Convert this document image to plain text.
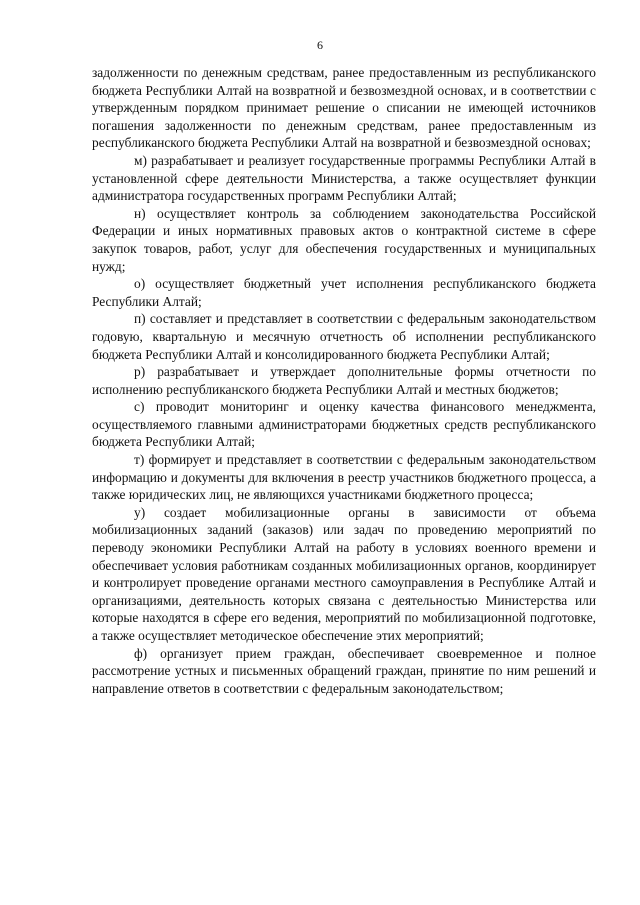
6

задолженности по денежным средствам, ранее предоставленным из республиканского бюджета Республики Алтай на возвратной и безвозмездной основах, и в соответствии с утвержденным порядком принимает решение о списании не имеющей источников погашения задолженности по денежным средствам, ранее предоставленным из республиканского бюджета Республики Алтай на возвратной и безвозмездной основах;

м) разрабатывает и реализует государственные программы Республики Алтай в установленной сфере деятельности Министерства, а также осуществляет функции администратора государственных программ Республики Алтай;

н) осуществляет контроль за соблюдением законодательства Российской Федерации и иных нормативных правовых актов о контрактной системе в сфере закупок товаров, работ, услуг для обеспечения государственных и муниципальных нужд;

о) осуществляет бюджетный учет исполнения республиканского бюджета Республики Алтай;

п) составляет и представляет в соответствии с федеральным законодательством годовую, квартальную и месячную отчетность об исполнении республиканского бюджета Республики Алтай и консолидированного бюджета Республики Алтай;

р) разрабатывает и утверждает дополнительные формы отчетности по исполнению республиканского бюджета Республики Алтай и местных бюджетов;

с) проводит мониторинг и оценку качества финансового менеджмента, осуществляемого главными администраторами бюджетных средств республиканского бюджета Республики Алтай;

т) формирует и представляет в соответствии с федеральным законодательством информацию и документы для включения в реестр участников бюджетного процесса, а также юридических лиц, не являющихся участниками бюджетного процесса;

у) создает мобилизационные органы в зависимости от объема мобилизационных заданий (заказов) или задач по проведению мероприятий по переводу экономики Республики Алтай на работу в условиях военного времени и обеспечивает условия работникам созданных мобилизационных органов, координирует и контролирует проведение органами местного самоуправления в Республике Алтай и организациями, деятельность которых связана с деятельностью Министерства или которые находятся в сфере его ведения, мероприятий по мобилизационной подготовке, а также осуществляет методическое обеспечение этих мероприятий;

ф) организует прием граждан, обеспечивает своевременное и полное рассмотрение устных и письменных обращений граждан, принятие по ним решений и направление ответов в соответствии с федеральным законодательством;
